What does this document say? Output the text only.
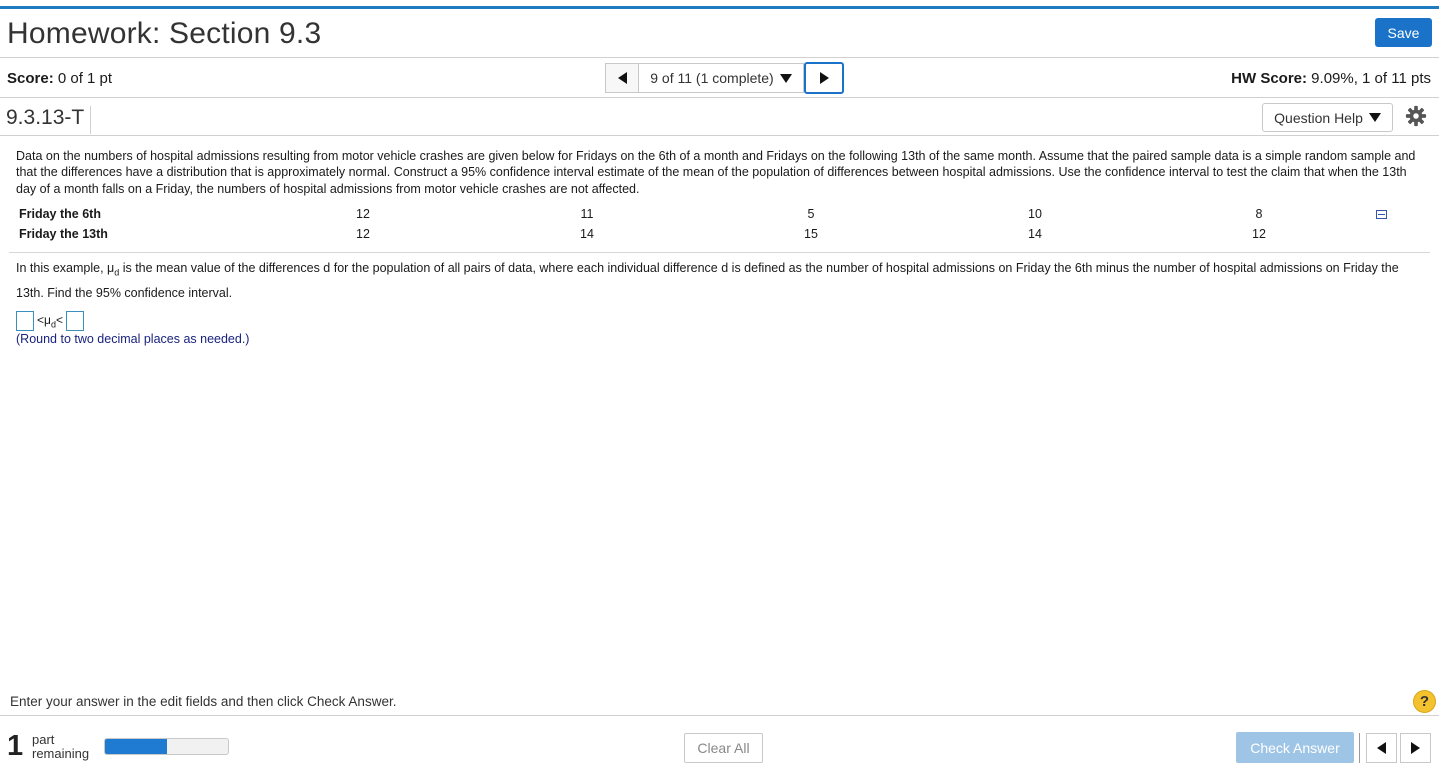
Homework: Section 9.3	Save
Score: 0 of 1 pt	9 of 11 (1 complete)	HW Score: 9.09%, 1 of 11 pts
9.3.13-T	Question Help
Data on the numbers of hospital admissions resulting from motor vehicle crashes are given below for Fridays on the 6th of a month and Fridays on the following 13th of the same month. Assume that the paired sample data is a simple random sample and that the differences have a distribution that is approximately normal. Construct a 95% confidence interval estimate of the mean of the population of differences between hospital admissions. Use the confidence interval to test the claim that when the 13th day of a month falls on a Friday, the numbers of hospital admissions from motor vehicle crashes are not affected.
Friday the 6th	12	11	5	10	8
Friday the 13th	12	14	15	14	12
In this example, $\mu_d$ is the mean value of the differences d for the population of all pairs of data, where each individual difference d is defined as the number of hospital admissions on Friday the 6th minus the number of hospital admissions on Friday the 13th. Find the 95% confidence interval.
$<\mu_d<$
(Round to two decimal places as needed.)
Enter your answer in the edit fields and then click Check Answer.	?
1 part
remaining	Clear All	Check Answer
